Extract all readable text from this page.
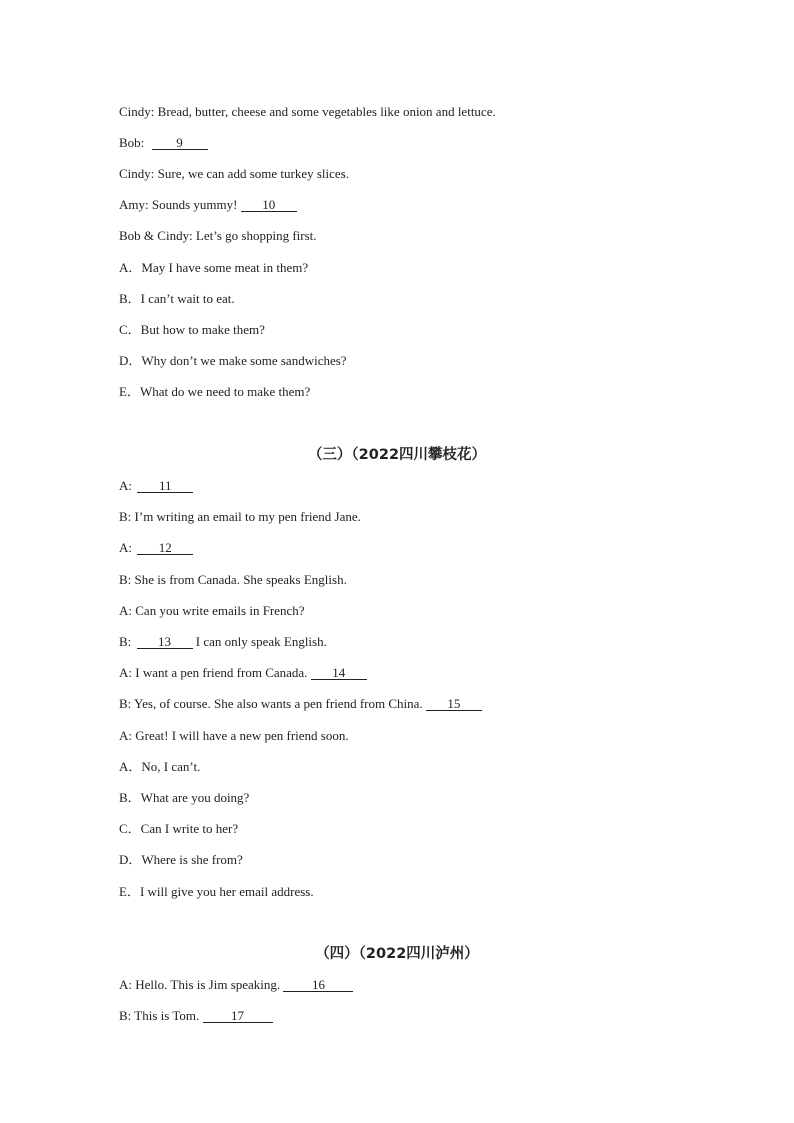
Cindy: Bread, butter, cheese and some vegetables like onion and lettuce.
Bob: 9
Cindy: Sure, we can add some turkey slices.
Amy: Sounds yummy! 10
Bob & Cindy: Let’s go shopping first.
A．May I have some meat in them?
B．I can’t wait to eat.
C．But how to make them?
D．Why don’t we make some sandwiches?
E．What do we need to make them?
（三）（2022四川攀枝花）
A: 11
B: I’m writing an email to my pen friend Jane.
A: 12
B: She is from Canada. She speaks English.
A: Can you write emails in French?
B: 13 I can only speak English.
A: I want a pen friend from Canada. 14
B: Yes, of course. She also wants a pen friend from China. 15
A: Great! I will have a new pen friend soon.
A．No, I can’t.
B．What are you doing?
C．Can I write to her?
D．Where is she from?
E．I will give you her email address.
（四）（2022四川泸州）
A: Hello. This is Jim speaking. 16
B: This is Tom. 17
